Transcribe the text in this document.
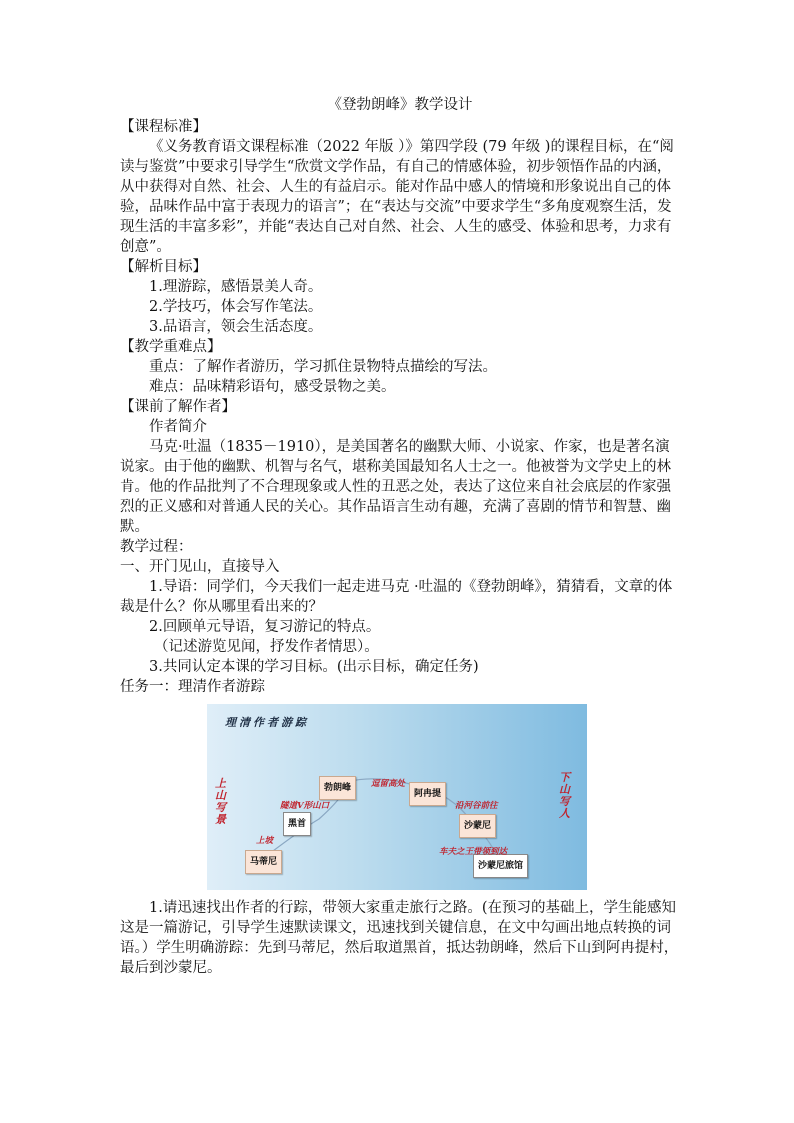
《登勃朗峰》教学设计

【课程标准】

《义务教育语文课程标准（2022 年版 ）》第四学段 (79 年级 )的课程目标，在“阅读与鉴赏”中要求引导学生“欣赏文学作品，有自己的情感体验，初步领悟作品的内涵，从中获得对自然、社会、人生的有益启示。能对作品中感人的情境和形象说出自己的体验，品味作品中富于表现力的语言”；在“表达与交流”中要求学生“多角度观察生活，发现生活的丰富多彩”，并能“表达自己对自然、社会、人生的感受、体验和思考，力求有创意”。

【解析目标】

1.理游踪，感悟景美人奇。

2.学技巧，体会写作笔法。

3.品语言，领会生活态度。

【教学重难点】

重点：了解作者游历，学习抓住景物特点描绘的写法。

难点：品味精彩语句，感受景物之美。

【课前了解作者】

作者简介

马克·吐温（1835－1910），是美国著名的幽默大师、小说家、作家，也是著名演说家。由于他的幽默、机智与名气，堪称美国最知名人士之一。他被誉为文学史上的林肯。他的作品批判了不合理现象或人性的丑恶之处，表达了这位来自社会底层的作家强烈的正义感和对普通人民的关心。其作品语言生动有趣，充满了喜剧的情节和智慧、幽默。

教学过程：

一、开门见山，直接导入

1.导语：同学们，今天我们一起走进马克 ·吐温的《登勃朗峰》，猜猜看，文章的体裁是什么？你从哪里看出来的？

2.回顾单元导语，复习游记的特点。

（记述游览见闻，抒发作者情思）。

3.共同认定本课的学习目标。(出示目标，确定任务)

任务一：理清作者游踪

理清作者游踪
上山写景
下山写人
勃朗峰
阿冉提
黑首	沙蒙尼
马蒂尼	沙蒙尼旅馆
上坡
隧道V形山口
逗留高处
沿河谷前往
车夫之王带领到达

1.请迅速找出作者的行踪，带领大家重走旅行之路。(在预习的基础上，学生能感知这是一篇游记，引导学生速默读课文，迅速找到关键信息，在文中勾画出地点转换的词语。）学生明确游踪：先到马蒂尼，然后取道黑首，抵达勃朗峰，然后下山到阿冉提村，最后到沙蒙尼。
